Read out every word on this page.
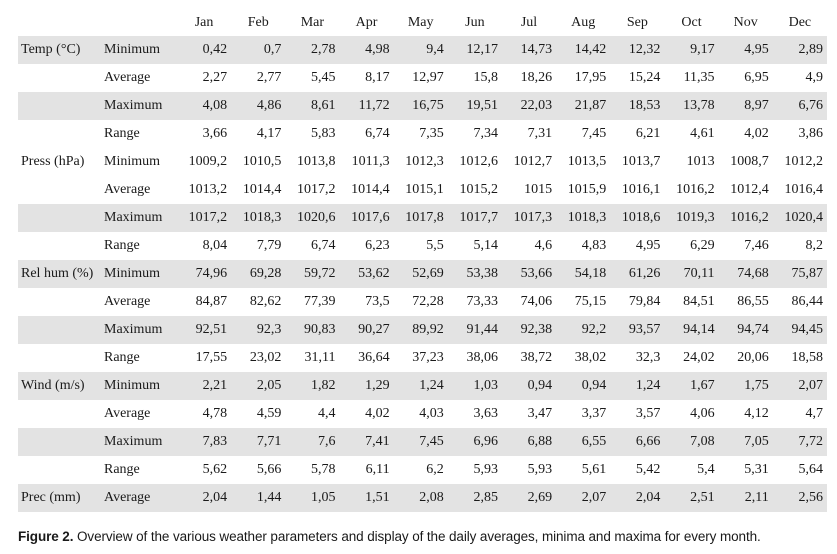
		Jan	Feb	Mar	Apr	May	Jun	Jul	Aug	Sep	Oct	Nov	Dec
Temp (°C)	Minimum	0,42	0,7	2,78	4,98	9,4	12,17	14,73	14,42	12,32	9,17	4,95	2,89
	Average	2,27	2,77	5,45	8,17	12,97	15,8	18,26	17,95	15,24	11,35	6,95	4,9
	Maximum	4,08	4,86	8,61	11,72	16,75	19,51	22,03	21,87	18,53	13,78	8,97	6,76
	Range	3,66	4,17	5,83	6,74	7,35	7,34	7,31	7,45	6,21	4,61	4,02	3,86
Press (hPa)	Minimum	1009,2	1010,5	1013,8	1011,3	1012,3	1012,6	1012,7	1013,5	1013,7	1013	1008,7	1012,2
	Average	1013,2	1014,4	1017,2	1014,4	1015,1	1015,2	1015	1015,9	1016,1	1016,2	1012,4	1016,4
	Maximum	1017,2	1018,3	1020,6	1017,6	1017,8	1017,7	1017,3	1018,3	1018,6	1019,3	1016,2	1020,4
	Range	8,04	7,79	6,74	6,23	5,5	5,14	4,6	4,83	4,95	6,29	7,46	8,2
Rel hum (%)	Minimum	74,96	69,28	59,72	53,62	52,69	53,38	53,66	54,18	61,26	70,11	74,68	75,87
	Average	84,87	82,62	77,39	73,5	72,28	73,33	74,06	75,15	79,84	84,51	86,55	86,44
	Maximum	92,51	92,3	90,83	90,27	89,92	91,44	92,38	92,2	93,57	94,14	94,74	94,45
	Range	17,55	23,02	31,11	36,64	37,23	38,06	38,72	38,02	32,3	24,02	20,06	18,58
Wind (m/s)	Minimum	2,21	2,05	1,82	1,29	1,24	1,03	0,94	0,94	1,24	1,67	1,75	2,07
	Average	4,78	4,59	4,4	4,02	4,03	3,63	3,47	3,37	3,57	4,06	4,12	4,7
	Maximum	7,83	7,71	7,6	7,41	7,45	6,96	6,88	6,55	6,66	7,08	7,05	7,72
	Range	5,62	5,66	5,78	6,11	6,2	5,93	5,93	5,61	5,42	5,4	5,31	5,64
Prec (mm)	Average	2,04	1,44	1,05	1,51	2,08	2,85	2,69	2,07	2,04	2,51	2,11	2,56
Figure 2. Overview of the various weather parameters and display of the daily averages, minima and maxima for every month.
